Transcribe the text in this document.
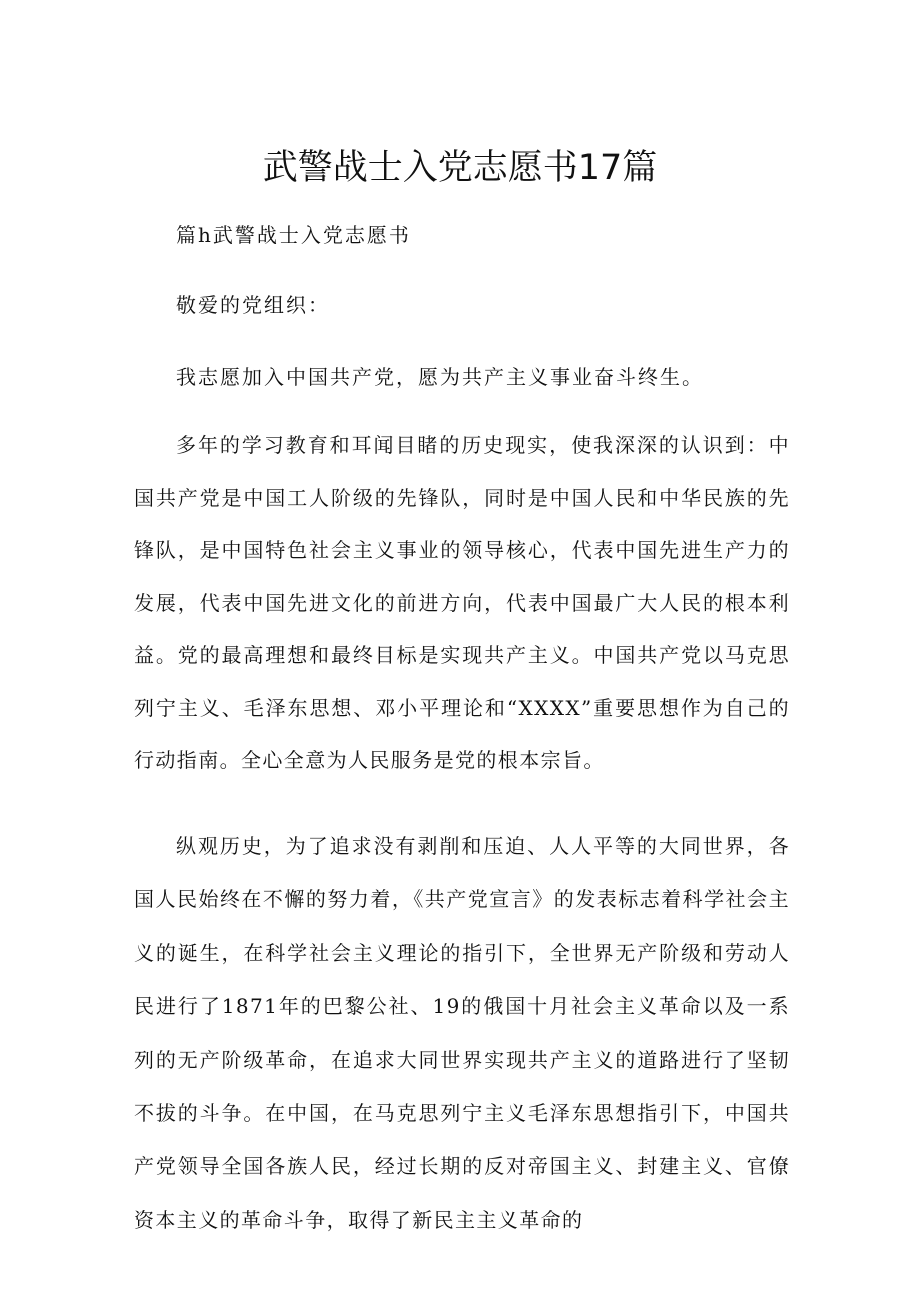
武警战士入党志愿书17篇

篇h武警战士入党志愿书

敬爱的党组织：

我志愿加入中国共产党，愿为共产主义事业奋斗终生。

多年的学习教育和耳闻目睹的历史现实，使我深深的认识到：中国共产党是中国工人阶级的先锋队，同时是中国人民和中华民族的先锋队，是中国特色社会主义事业的领导核心，代表中国先进生产力的发展，代表中国先进文化的前进方向，代表中国最广大人民的根本利益。党的最高理想和最终目标是实现共产主义。中国共产党以马克思列宁主义、毛泽东思想、邓小平理论和“XXXX”重要思想作为自己的行动指南。全心全意为人民服务是党的根本宗旨。

纵观历史，为了追求没有剥削和压迫、人人平等的大同世界，各国人民始终在不懈的努力着，《共产党宣言》的发表标志着科学社会主义的诞生，在科学社会主义理论的指引下，全世界无产阶级和劳动人民进行了1871年的巴黎公社、19的俄国十月社会主义革命以及一系列的无产阶级革命，在追求大同世界实现共产主义的道路进行了坚韧不拔的斗争。在中国，在马克思列宁主义毛泽东思想指引下，中国共产党领导全国各族人民，经过长期的反对帝国主义、封建主义、官僚资本主义的革命斗争，取得了新民主主义革命的
